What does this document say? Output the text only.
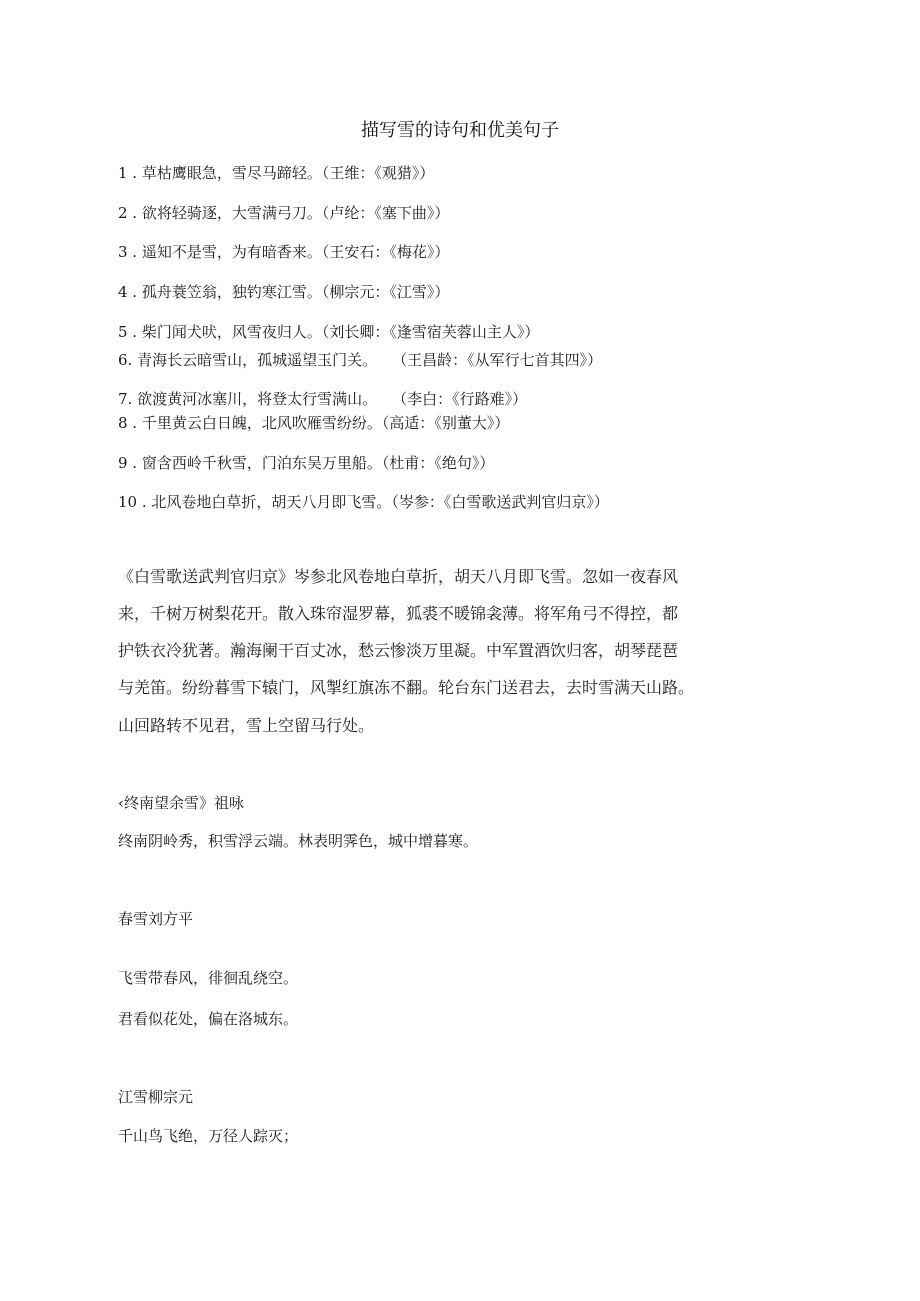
描写雪的诗句和优美句子
1 . 草枯鹰眼急，雪尽马蹄轻。（王维：《观猎》）
2 . 欲将轻骑逐，大雪满弓刀。（卢纶：《塞下曲》）
3 . 遥知不是雪，为有暗香来。（王安石：《梅花》）
4 . 孤舟蓑笠翁，独钓寒江雪。（柳宗元：《江雪》）
5 . 柴门闻犬吠，风雪夜归人。（刘长卿：《逢雪宿芙蓉山主人》）
6. 青海长云暗雪山，孤城遥望玉门关。　　（王昌龄：《从军行七首其四》）
7. 欲渡黄河冰塞川，将登太行雪满山。　　（李白：《行路难》）
8 . 千里黄云白日魄，北风吹雁雪纷纷。（高适：《别董大》）
9 . 窗含西岭千秋雪，门泊东吴万里船。（杜甫：《绝句》）
10 . 北风卷地白草折，胡天八月即飞雪。（岑参：《白雪歌送武判官归京》）
《白雪歌送武判官归京》岑参北风卷地白草折，胡天八月即飞雪。忽如一夜春风
来，千树万树梨花开。散入珠帘湿罗幕，狐裘不暖锦衾薄。将军角弓不得控，都
护铁衣冷犹著。瀚海阑干百丈冰，愁云惨淡万里凝。中军置酒饮归客，胡琴琵琶
与羌笛。纷纷暮雪下辕门，风掣红旗冻不翻。轮台东门送君去，去时雪满天山路。
山回路转不见君，雪上空留马行处。
‹终南望余雪》祖咏
终南阴岭秀，积雪浮云端。林表明霁色，城中增暮寒。
春雪刘方平
飞雪带春风，徘徊乱绕空。
君看似花处，偏在洛城东。
江雪柳宗元
千山鸟飞绝，万径人踪灭；
